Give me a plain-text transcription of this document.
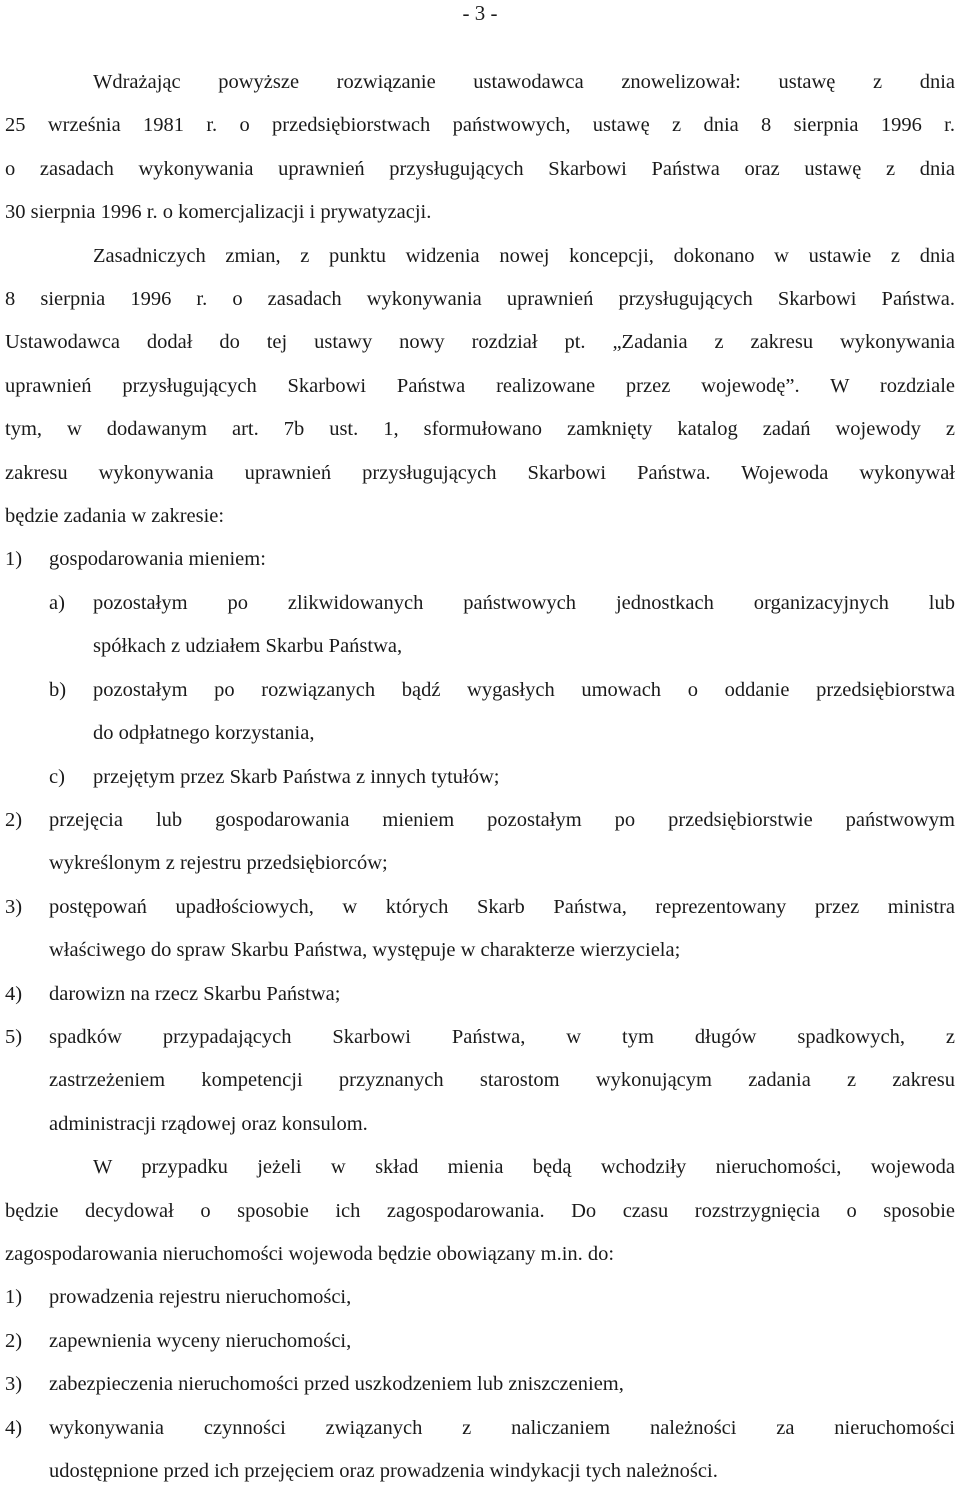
- 3 -

Wdrażając powyższe rozwiązanie ustawodawca znowelizował: ustawę z dnia

25 września 1981 r. o przedsiębiorstwach państwowych, ustawę z dnia 8 sierpnia 1996 r.

o zasadach wykonywania uprawnień przysługujących Skarbowi Państwa oraz ustawę z dnia

30 sierpnia 1996 r. o komercjalizacji i prywatyzacji.

Zasadniczych zmian, z punktu widzenia nowej koncepcji, dokonano w ustawie z dnia

8 sierpnia 1996 r. o zasadach wykonywania uprawnień przysługujących Skarbowi Państwa.

Ustawodawca dodał do tej ustawy nowy rozdział pt. „Zadania z zakresu wykonywania

uprawnień przysługujących Skarbowi Państwa realizowane przez wojewodę”. W rozdziale

tym, w dodawanym art. 7b ust. 1, sformułowano zamknięty katalog zadań wojewody z

zakresu wykonywania uprawnień przysługujących Skarbowi Państwa. Wojewoda wykonywał

będzie zadania w zakresie:

1) gospodarowania mieniem:

a) pozostałym po zlikwidowanych państwowych jednostkach organizacyjnych lub

spółkach z udziałem Skarbu Państwa,

b) pozostałym po rozwiązanych bądź wygasłych umowach o oddanie przedsiębiorstwa

do odpłatnego korzystania,

c) przejętym przez Skarb Państwa z innych tytułów;

2) przejęcia lub gospodarowania mieniem pozostałym po przedsiębiorstwie państwowym

wykreślonym z rejestru przedsiębiorców;

3) postępowań upadłościowych, w których Skarb Państwa, reprezentowany przez ministra

właściwego do spraw Skarbu Państwa, występuje w charakterze wierzyciela;

4) darowizn na rzecz Skarbu Państwa;

5) spadków przypadających Skarbowi Państwa, w tym długów spadkowych, z

zastrzeżeniem kompetencji przyznanych starostom wykonującym zadania z zakresu

administracji rządowej oraz konsulom.

W przypadku jeżeli w skład mienia będą wchodziły nieruchomości, wojewoda

będzie decydował o sposobie ich zagospodarowania. Do czasu rozstrzygnięcia o sposobie

zagospodarowania nieruchomości wojewoda będzie obowiązany m.in. do:

1) prowadzenia rejestru nieruchomości,

2) zapewnienia wyceny nieruchomości,

3) zabezpieczenia nieruchomości przed uszkodzeniem lub zniszczeniem,

4) wykonywania czynności związanych z naliczaniem należności za nieruchomości

udostępnione przed ich przejęciem oraz prowadzenia windykacji tych należności.
